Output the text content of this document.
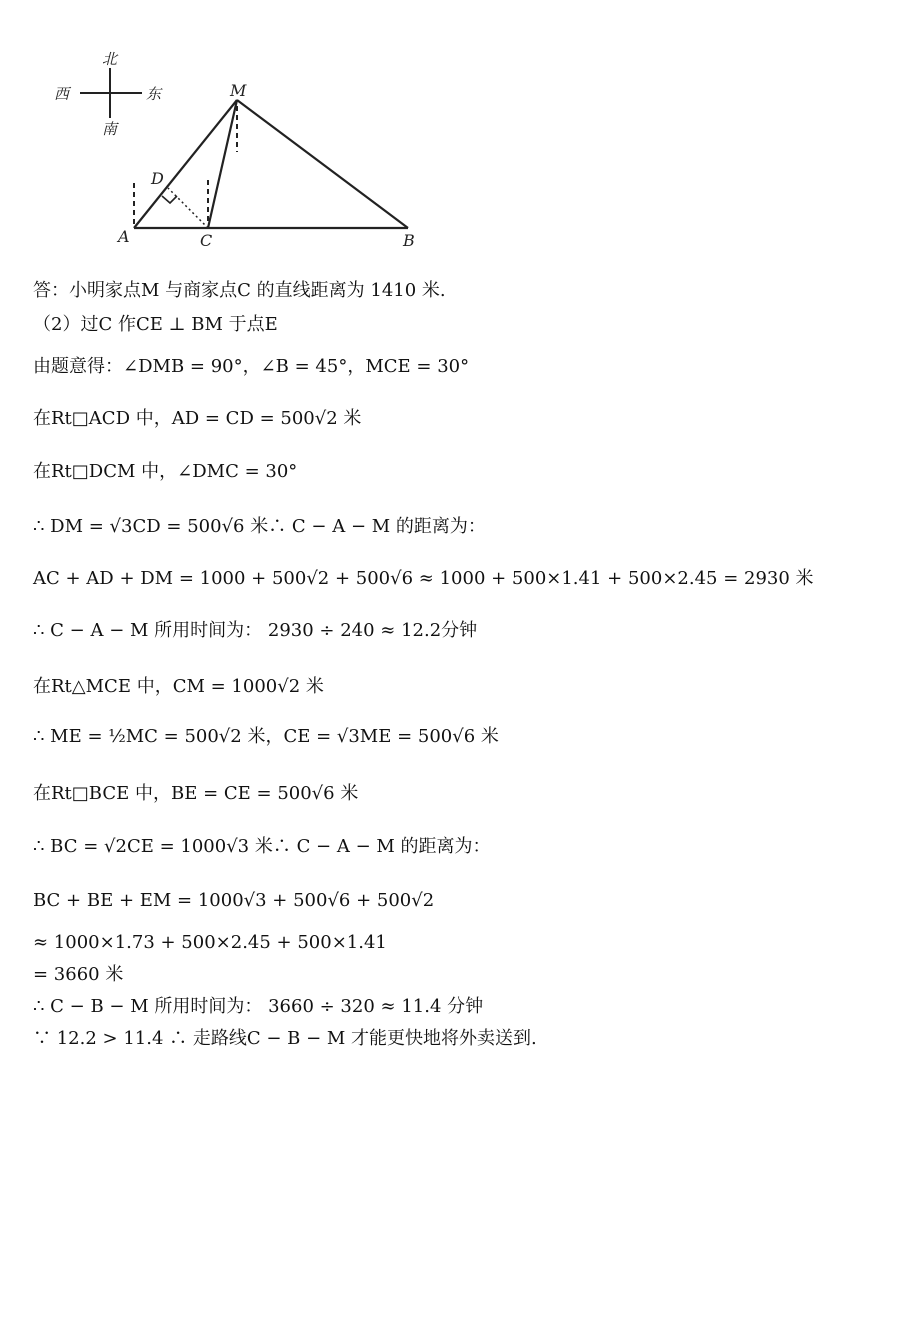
北
南
西	东	M
D
A	C	B
答：小明家点M 与商家点C 的直线距离为 1410 米.
（2）过C 作CE ⊥ BM 于点E
由题意得：∠DMB = 90°，∠B = 45°，MCE = 30°
在Rt□ACD 中，AD = CD = 500√2 米
在Rt□DCM 中，∠DMC = 30°
∴ DM = √3CD = 500√6 米∴ C − A − M 的距离为：
AC + AD + DM = 1000 + 500√2 + 500√6 ≈ 1000 + 500×1.41 + 500×2.45 = 2930 米
∴ C − A − M 所用时间为： 2930 ÷ 240 ≈ 12.2分钟
在Rt△MCE 中，CM = 1000√2 米
∴ ME = ½MC = 500√2 米，CE = √3ME = 500√6 米
在Rt□BCE 中，BE = CE = 500√6 米
∴ BC = √2CE = 1000√3 米∴ C − A − M 的距离为：
BC + BE + EM = 1000√3 + 500√6 + 500√2
≈ 1000×1.73 + 500×2.45 + 500×1.41
= 3660 米
∴ C − B − M 所用时间为： 3660 ÷ 320 ≈ 11.4 分钟
∵ 12.2 > 11.4 ∴ 走路线C − B − M 才能更快地将外卖送到.
